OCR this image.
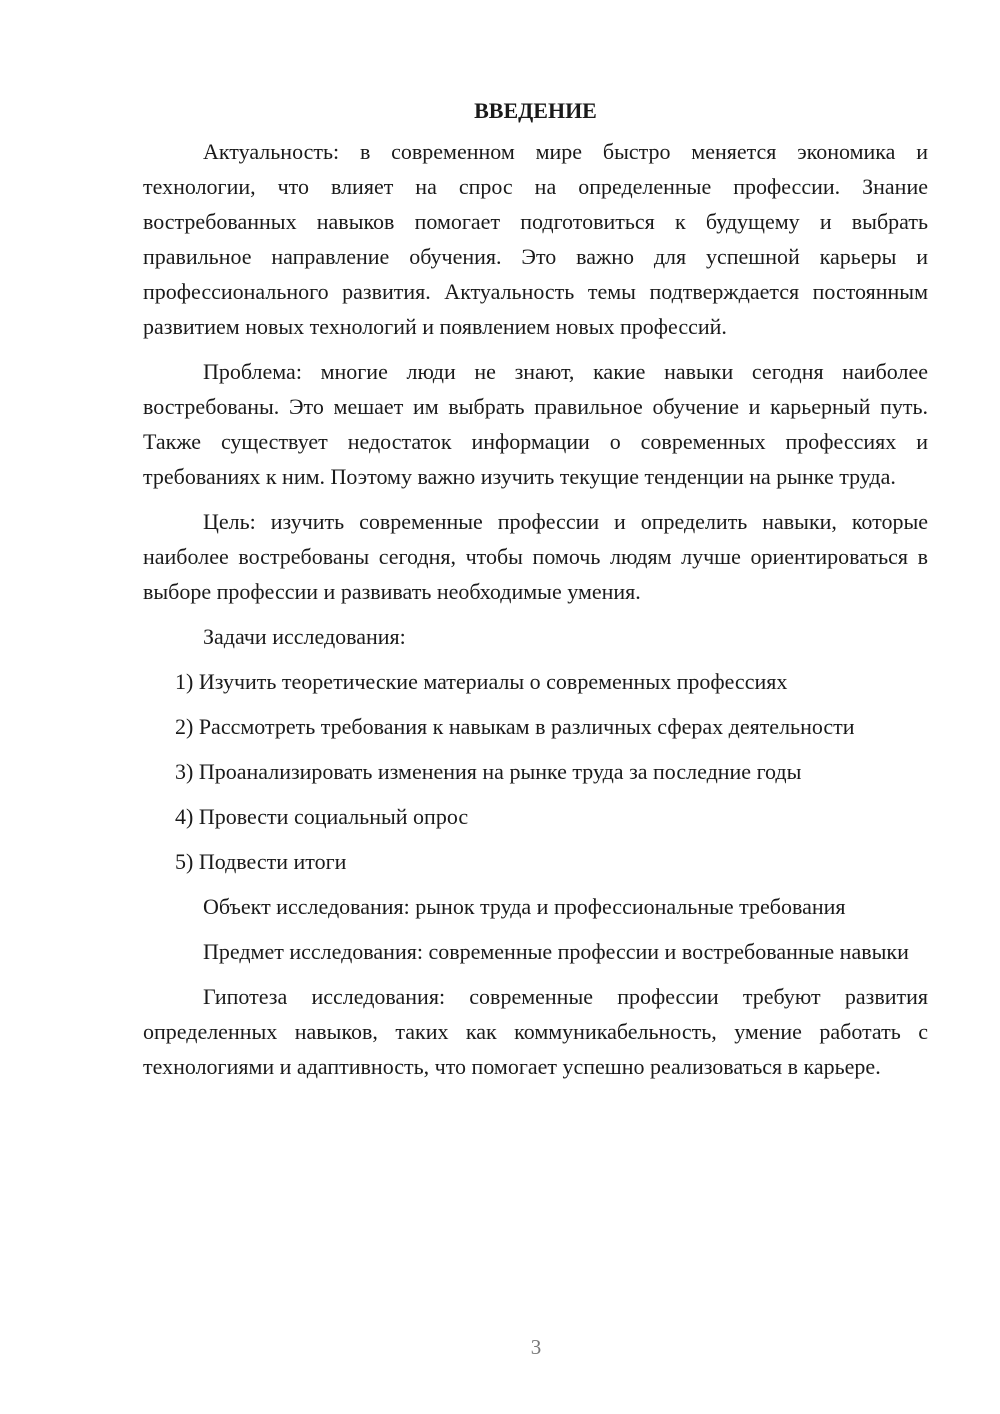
ВВЕДЕНИЕ

Актуальность: в современном мире быстро меняется экономика и технологии, что влияет на спрос на определенные профессии. Знание востребованных навыков помогает подготовиться к будущему и выбрать правильное направление обучения. Это важно для успешной карьеры и профессионального развития. Актуальность темы подтверждается постоянным развитием новых технологий и появлением новых профессий.

Проблема: многие люди не знают, какие навыки сегодня наиболее востребованы. Это мешает им выбрать правильное обучение и карьерный путь. Также существует недостаток информации о современных профессиях и требованиях к ним. Поэтому важно изучить текущие тенденции на рынке труда.

Цель: изучить современные профессии и определить навыки, которые наиболее востребованы сегодня, чтобы помочь людям лучше ориентироваться в выборе профессии и развивать необходимые умения.

Задачи исследования:

1) Изучить теоретические материалы о современных профессиях

2) Рассмотреть требования к навыкам в различных сферах деятельности

3) Проанализировать изменения на рынке труда за последние годы

4) Провести социальный опрос

5) Подвести итоги

Объект исследования: рынок труда и профессиональные требования

Предмет исследования: современные профессии и востребованные навыки

Гипотеза исследования: современные профессии требуют развития определенных навыков, таких как коммуникабельность, умение работать с технологиями и адаптивность, что помогает успешно реализоваться в карьере.

3
